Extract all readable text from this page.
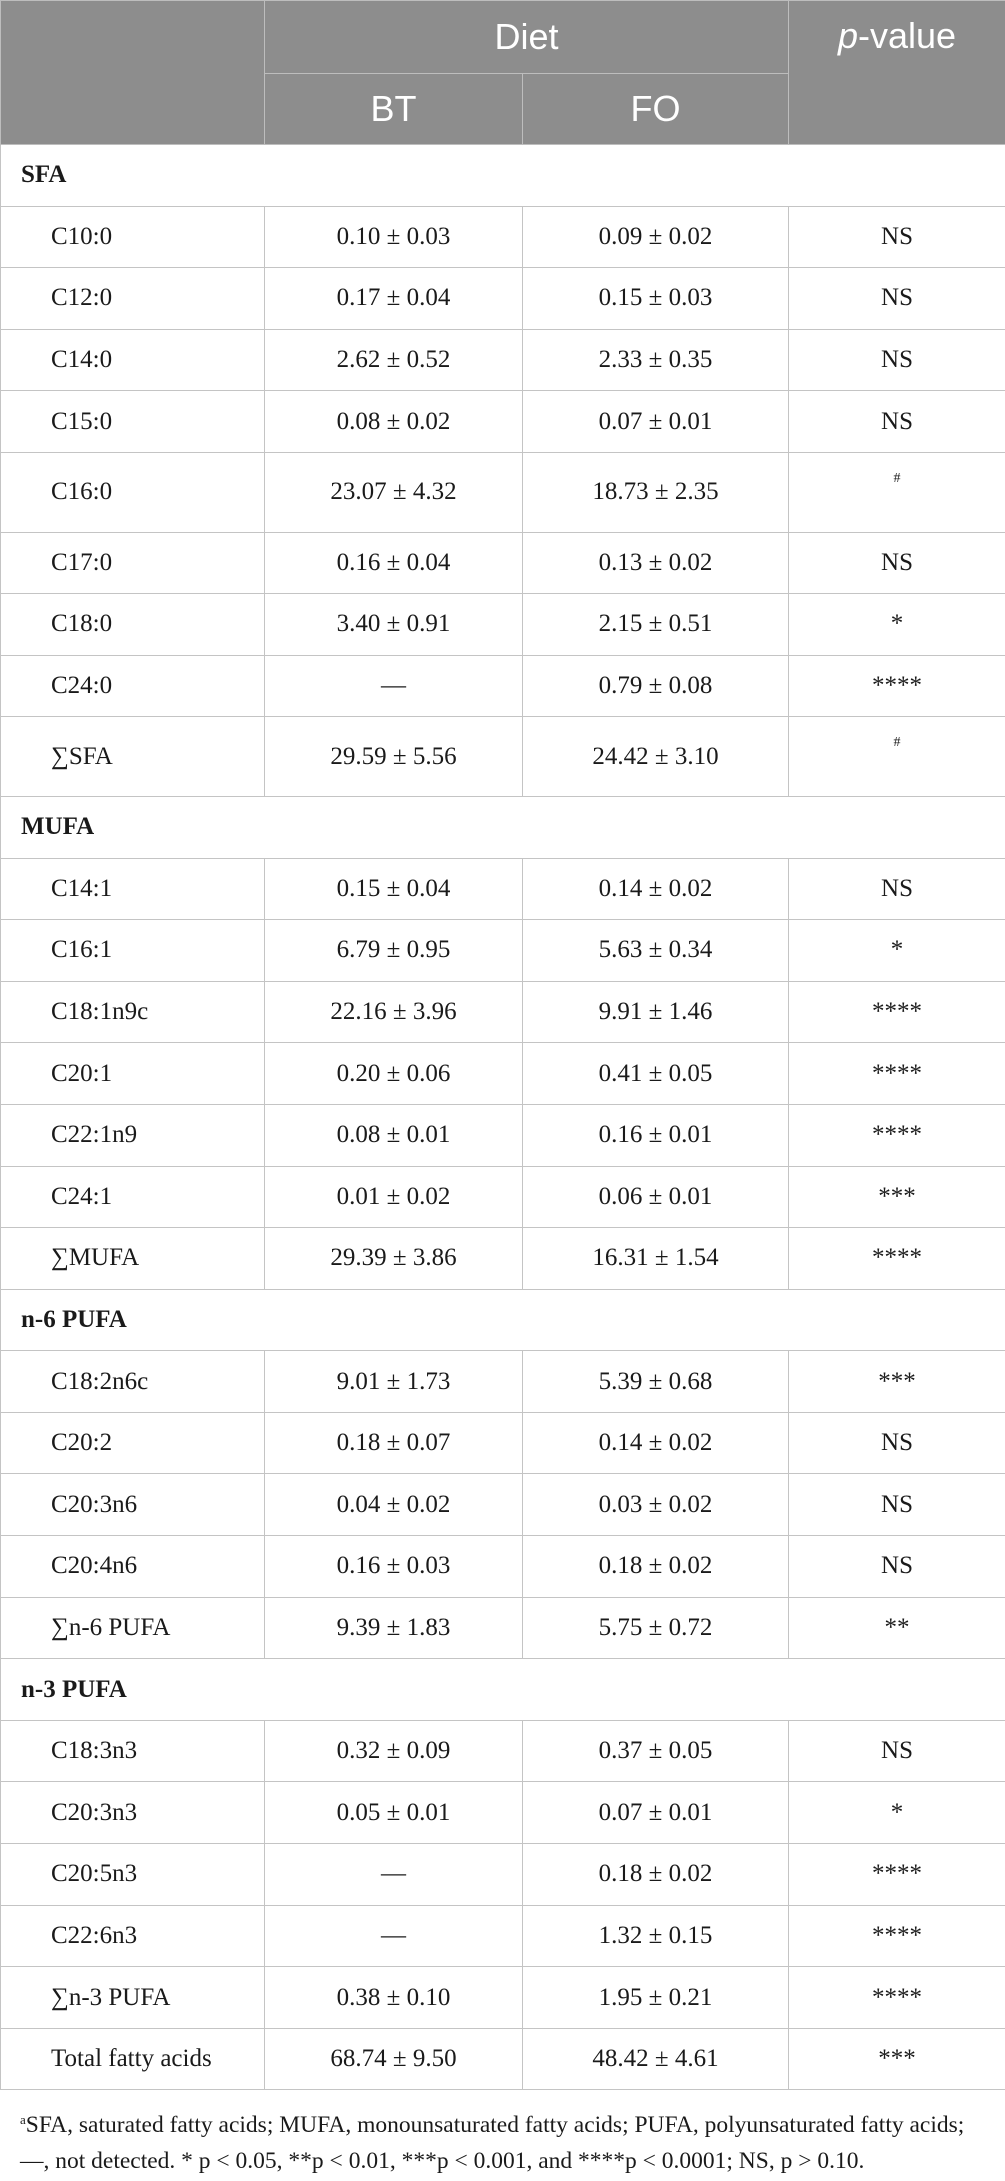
	Diet		p-value
	BT	FO	
SFA			
C10:0	0.10 ± 0.03	0.09 ± 0.02	NS
C12:0	0.17 ± 0.04	0.15 ± 0.03	NS
C14:0	2.62 ± 0.52	2.33 ± 0.35	NS
C15:0	0.08 ± 0.02	0.07 ± 0.01	NS
C16:0	23.07 ± 4.32	18.73 ± 2.35	#
C17:0	0.16 ± 0.04	0.13 ± 0.02	NS
C18:0	3.40 ± 0.91	2.15 ± 0.51	*
C24:0	—	0.79 ± 0.08	****
∑SFA	29.59 ± 5.56	24.42 ± 3.10	#
MUFA			
C14:1	0.15 ± 0.04	0.14 ± 0.02	NS
C16:1	6.79 ± 0.95	5.63 ± 0.34	*
C18:1n9c	22.16 ± 3.96	9.91 ± 1.46	****
C20:1	0.20 ± 0.06	0.41 ± 0.05	****
C22:1n9	0.08 ± 0.01	0.16 ± 0.01	****
C24:1	0.01 ± 0.02	0.06 ± 0.01	***
∑MUFA	29.39 ± 3.86	16.31 ± 1.54	****
n-6 PUFA			
C18:2n6c	9.01 ± 1.73	5.39 ± 0.68	***
C20:2	0.18 ± 0.07	0.14 ± 0.02	NS
C20:3n6	0.04 ± 0.02	0.03 ± 0.02	NS
C20:4n6	0.16 ± 0.03	0.18 ± 0.02	NS
∑n-6 PUFA	9.39 ± 1.83	5.75 ± 0.72	**
n-3 PUFA			
C18:3n3	0.32 ± 0.09	0.37 ± 0.05	NS
C20:3n3	0.05 ± 0.01	0.07 ± 0.01	*
C20:5n3	—	0.18 ± 0.02	****
C22:6n3	—	1.32 ± 0.15	****
∑n-3 PUFA	0.38 ± 0.10	1.95 ± 0.21	****
Total fatty acids	68.74 ± 9.50	48.42 ± 4.61	***
$^a$SFA, saturated fatty acids; MUFA, monounsaturated fatty acids; PUFA, polyunsaturated fatty acids; —, not detected. * p < 0.05, **p < 0.01, ***p < 0.001, and ****p < 0.0001; NS, p > 0.10.
